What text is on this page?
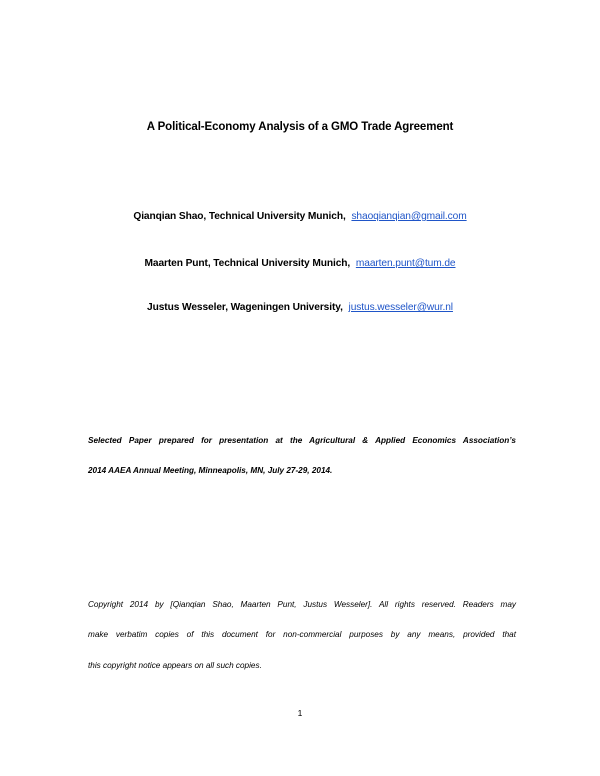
A Political-Economy Analysis of a GMO Trade Agreement
Qianqian Shao, Technical University Munich, shaoqianqian@gmail.com
Maarten Punt, Technical University Munich, maarten.punt@tum.de
Justus Wesseler, Wageningen University, justus.wesseler@wur.nl
Selected Paper prepared for presentation at the Agricultural & Applied Economics Association’s
2014 AAEA Annual Meeting, Minneapolis, MN, July 27-29, 2014.
Copyright 2014 by [Qianqian Shao, Maarten Punt, Justus Wesseler]. All rights reserved. Readers may
make verbatim copies of this document for non-commercial purposes by any means, provided that
this copyright notice appears on all such copies.
1
